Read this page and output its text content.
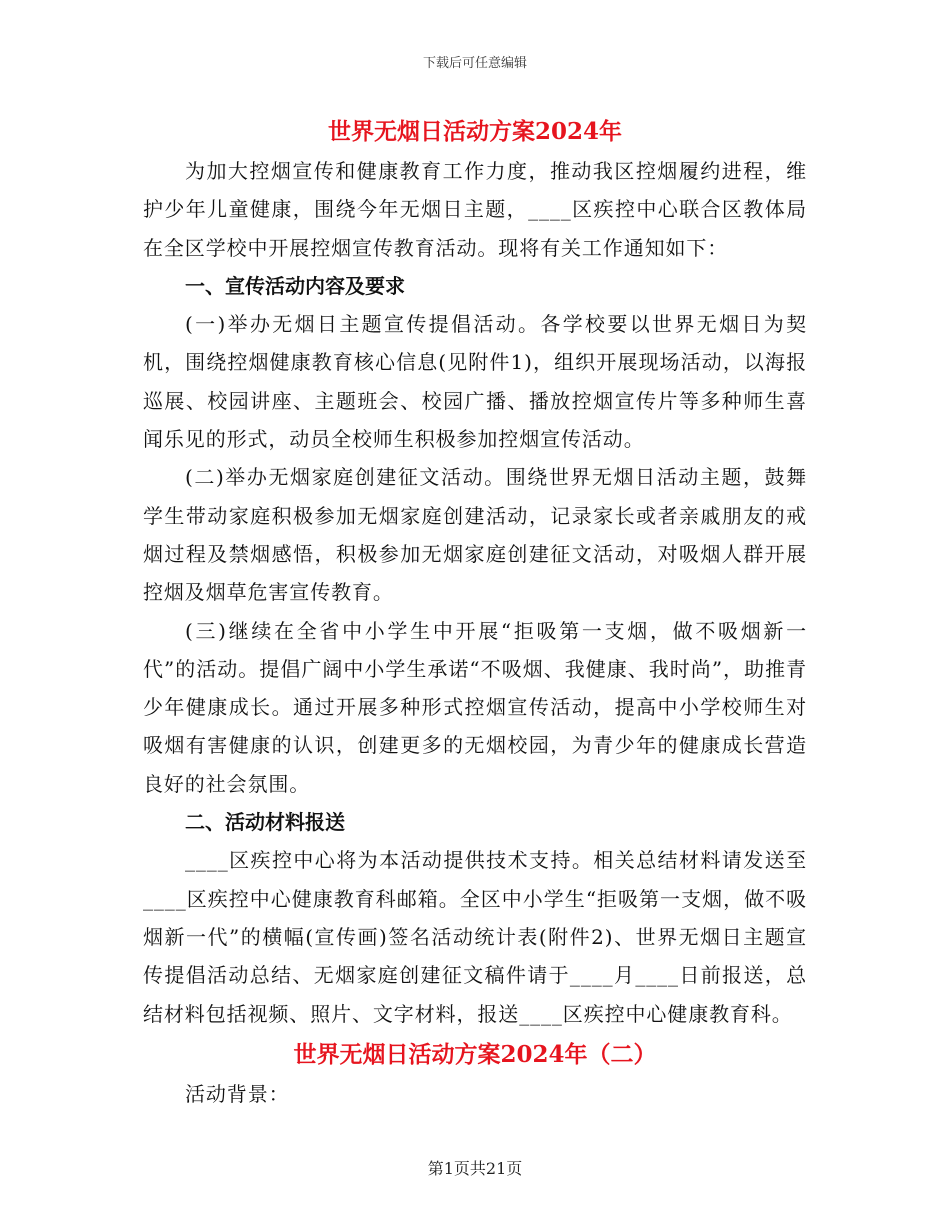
下载后可任意编辑
世界无烟日活动方案2024年

为加大控烟宣传和健康教育工作力度，推动我区控烟履约进程，维护少年儿童健康，围绕今年无烟日主题，____区疾控中心联合区教体局在全区学校中开展控烟宣传教育活动。现将有关工作通知如下：

一、宣传活动内容及要求

(一)举办无烟日主题宣传提倡活动。各学校要以世界无烟日为契机，围绕控烟健康教育核心信息(见附件1)，组织开展现场活动，以海报巡展、校园讲座、主题班会、校园广播、播放控烟宣传片等多种师生喜闻乐见的形式，动员全校师生积极参加控烟宣传活动。

(二)举办无烟家庭创建征文活动。围绕世界无烟日活动主题，鼓舞学生带动家庭积极参加无烟家庭创建活动，记录家长或者亲戚朋友的戒烟过程及禁烟感悟，积极参加无烟家庭创建征文活动，对吸烟人群开展控烟及烟草危害宣传教育。

(三)继续在全省中小学生中开展“拒吸第一支烟，做不吸烟新一代”的活动。提倡广阔中小学生承诺“不吸烟、我健康、我时尚”，助推青少年健康成长。通过开展多种形式控烟宣传活动，提高中小学校师生对吸烟有害健康的认识，创建更多的无烟校园，为青少年的健康成长营造良好的社会氛围。

二、活动材料报送

____区疾控中心将为本活动提供技术支持。相关总结材料请发送至____区疾控中心健康教育科邮箱。全区中小学生“拒吸第一支烟，做不吸烟新一代”的横幅(宣传画)签名活动统计表(附件2)、世界无烟日主题宣传提倡活动总结、无烟家庭创建征文稿件请于____月____日前报送，总结材料包括视频、照片、文字材料，报送____区疾控中心健康教育科。

世界无烟日活动方案2024年（二）

活动背景：

第1页共21页
